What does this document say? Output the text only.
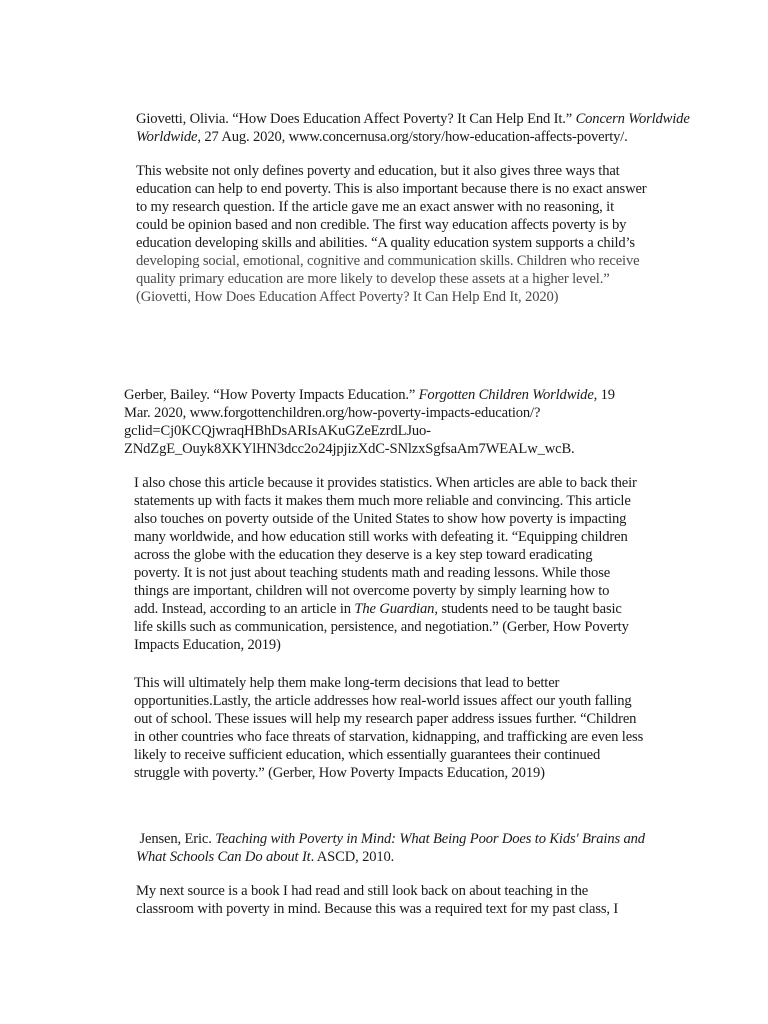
Giovetti, Olivia. “How Does Education Affect Poverty? It Can Help End It.” Concern Worldwide
Worldwide, 27 Aug. 2020, www.concernusa.org/story/how-education-affects-poverty/.
This website not only defines poverty and education, but it also gives three ways that
education can help to end poverty. This is also important because there is no exact answer
to my research question. If the article gave me an exact answer with no reasoning, it
could be opinion based and non credible. The first way education affects poverty is by
education developing skills and abilities. “A quality education system supports a child’s
developing social, emotional, cognitive and communication skills. Children who receive
quality primary education are more likely to develop these assets at a higher level.”
(Giovetti, How Does Education Affect Poverty? It Can Help End It, 2020)
Gerber, Bailey. “How Poverty Impacts Education.” Forgotten Children Worldwide, 19
Mar. 2020, www.forgottenchildren.org/how-poverty-impacts-education/?
gclid=Cj0KCQjwraqHBhDsARIsAKuGZeEzrdLJuo-
ZNdZgE_Ouyk8XKYlHN3dcc2o24jpjizXdC-SNlzxSgfsaAm7WEALw_wcB.
I also chose this article because it provides statistics. When articles are able to back their
statements up with facts it makes them much more reliable and convincing. This article
also touches on poverty outside of the United States to show how poverty is impacting
many worldwide, and how education still works with defeating it. “Equipping children
across the globe with the education they deserve is a key step toward eradicating
poverty. It is not just about teaching students math and reading lessons. While those
things are important, children will not overcome poverty by simply learning how to
add. Instead, according to an article in The Guardian, students need to be taught basic
life skills such as communication, persistence, and negotiation.” (Gerber, How Poverty
Impacts Education, 2019)
This will ultimately help them make long-term decisions that lead to better
opportunities.Lastly, the article addresses how real-world issues affect our youth falling
out of school. These issues will help my research paper address issues further. “Children
in other countries who face threats of starvation, kidnapping, and trafficking are even less
likely to receive sufficient education, which essentially guarantees their continued
struggle with poverty.” (Gerber, How Poverty Impacts Education, 2019)
Jensen, Eric. Teaching with Poverty in Mind: What Being Poor Does to Kids' Brains and
What Schools Can Do about It. ASCD, 2010.
My next source is a book I had read and still look back on about teaching in the
classroom with poverty in mind. Because this was a required text for my past class, I
